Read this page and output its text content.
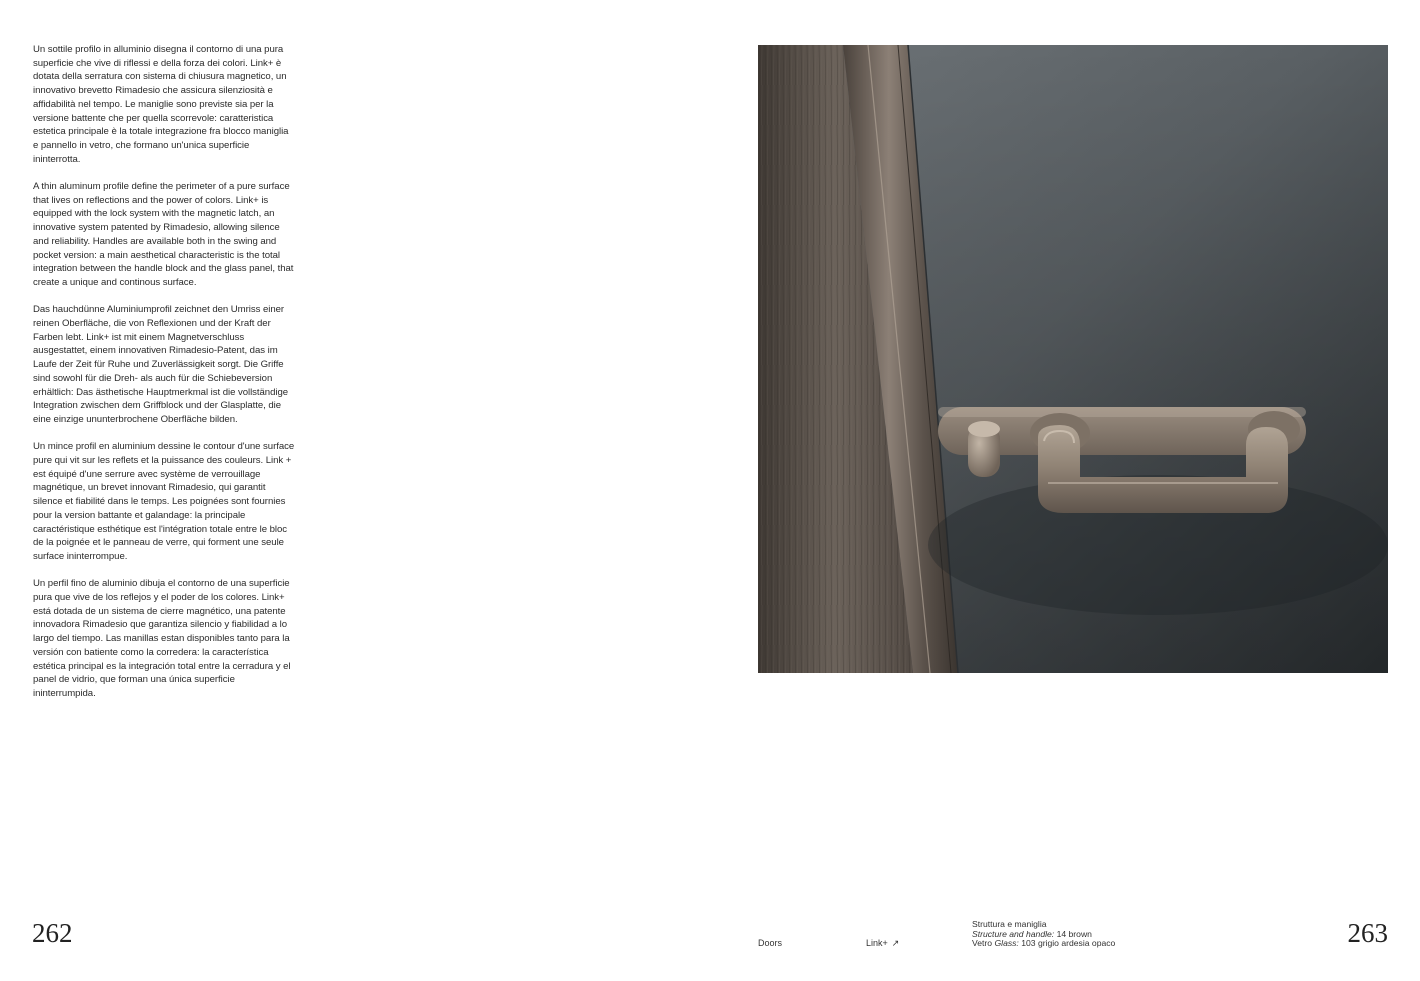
Un sottile profilo in alluminio disegna il contorno di una pura superficie che vive di riflessi e della forza dei colori. Link+ è dotata della serratura con sistema di chiusura magnetico, un innovativo brevetto Rimadesio che assicura silenziosità e affidabilità nel tempo. Le maniglie sono previste sia per la versione battente che per quella scorrevole: caratteristica estetica principale è la totale integrazione fra blocco maniglia e pannello in vetro, che formano un'unica superficie ininterrotta.

A thin aluminum profile define the perimeter of a pure surface that lives on reflections and the power of colors. Link+ is equipped with the lock system with the magnetic latch, an innovative system patented by Rimadesio, allowing silence and reliability. Handles are available both in the swing and pocket version: a main aesthetical characteristic is the total integration between the handle block and the glass panel, that create a unique and continous surface.

Das hauchdünne Aluminiumprofil zeichnet den Umriss einer reinen Oberfläche, die von Reflexionen und der Kraft der Farben lebt. Link+ ist mit einem Magnetverschluss ausgestattet, einem innovativen Rimadesio-Patent, das im Laufe der Zeit für Ruhe und Zuverlässigkeit sorgt. Die Griffe sind sowohl für die Dreh- als auch für die Schiebeversion erhältlich: Das ästhetische Hauptmerkmal ist die vollständige Integration zwischen dem Griffblock und der Glasplatte, die eine einzige ununterbrochene Oberfläche bilden.

Un mince profil en aluminium dessine le contour d'une surface pure qui vit sur les reflets et la puissance des couleurs. Link + est équipé d'une serrure avec système de verrouillage magnétique, un brevet innovant Rimadesio, qui garantit silence et fiabilité dans le temps. Les poignées sont fournies pour la version battante et galandage: la principale caractéristique esthétique est l'intégration totale entre le bloc de la poignée et le panneau de verre, qui forment une seule surface ininterrompue.

Un perfil fino de aluminio dibuja el contorno de una superficie pura que vive de los reflejos y el poder de los colores. Link+ está dotada de un sistema de cierre magnético, una patente innovadora Rimadesio que garantiza silencio y fiabilidad a lo largo del tiempo. Las manillas estan disponibles tanto para la versión con batiente como la corredera: la característica estética principal es la integración total entre la cerradura y el panel de vidrio, que forman una única superficie ininterrumpida.

262	Doors	Link+ ↗
Struttura e maniglia
Structure and handle: 14 brown
Vetro Glass: 103 grigio ardesia opaco	263
